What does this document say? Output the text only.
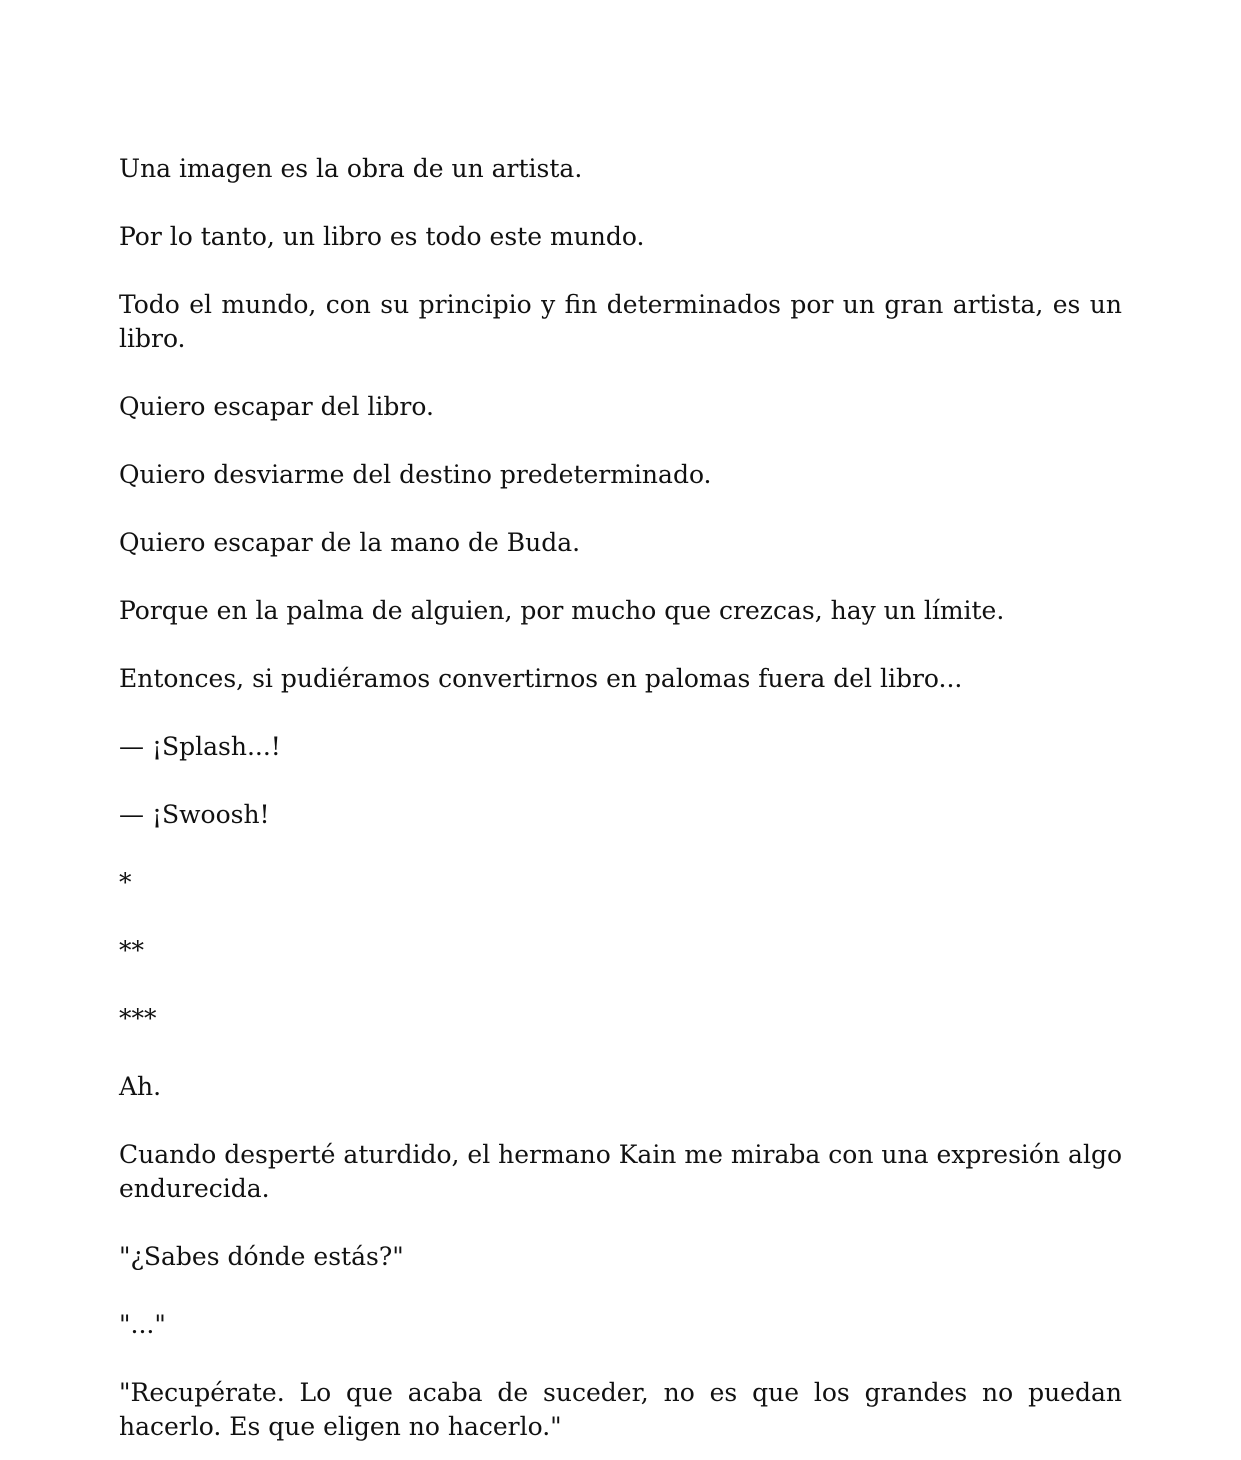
Una imagen es la obra de un artista.

Por lo tanto, un libro es todo este mundo.

Todo el mundo, con su principio y fin determinados por un gran artista, es un libro.

Quiero escapar del libro.

Quiero desviarme del destino predeterminado.

Quiero escapar de la mano de Buda.

Porque en la palma de alguien, por mucho que crezcas, hay un límite.

Entonces, si pudiéramos convertirnos en palomas fuera del libro...

— ¡Splash...!

— ¡Swoosh!

*

**

***

Ah.

Cuando desperté aturdido, el hermano Kain me miraba con una expresión algo endurecida.

"¿Sabes dónde estás?"

"..."

"Recupérate. Lo que acaba de suceder, no es que los grandes no puedan hacerlo. Es que eligen no hacerlo."
